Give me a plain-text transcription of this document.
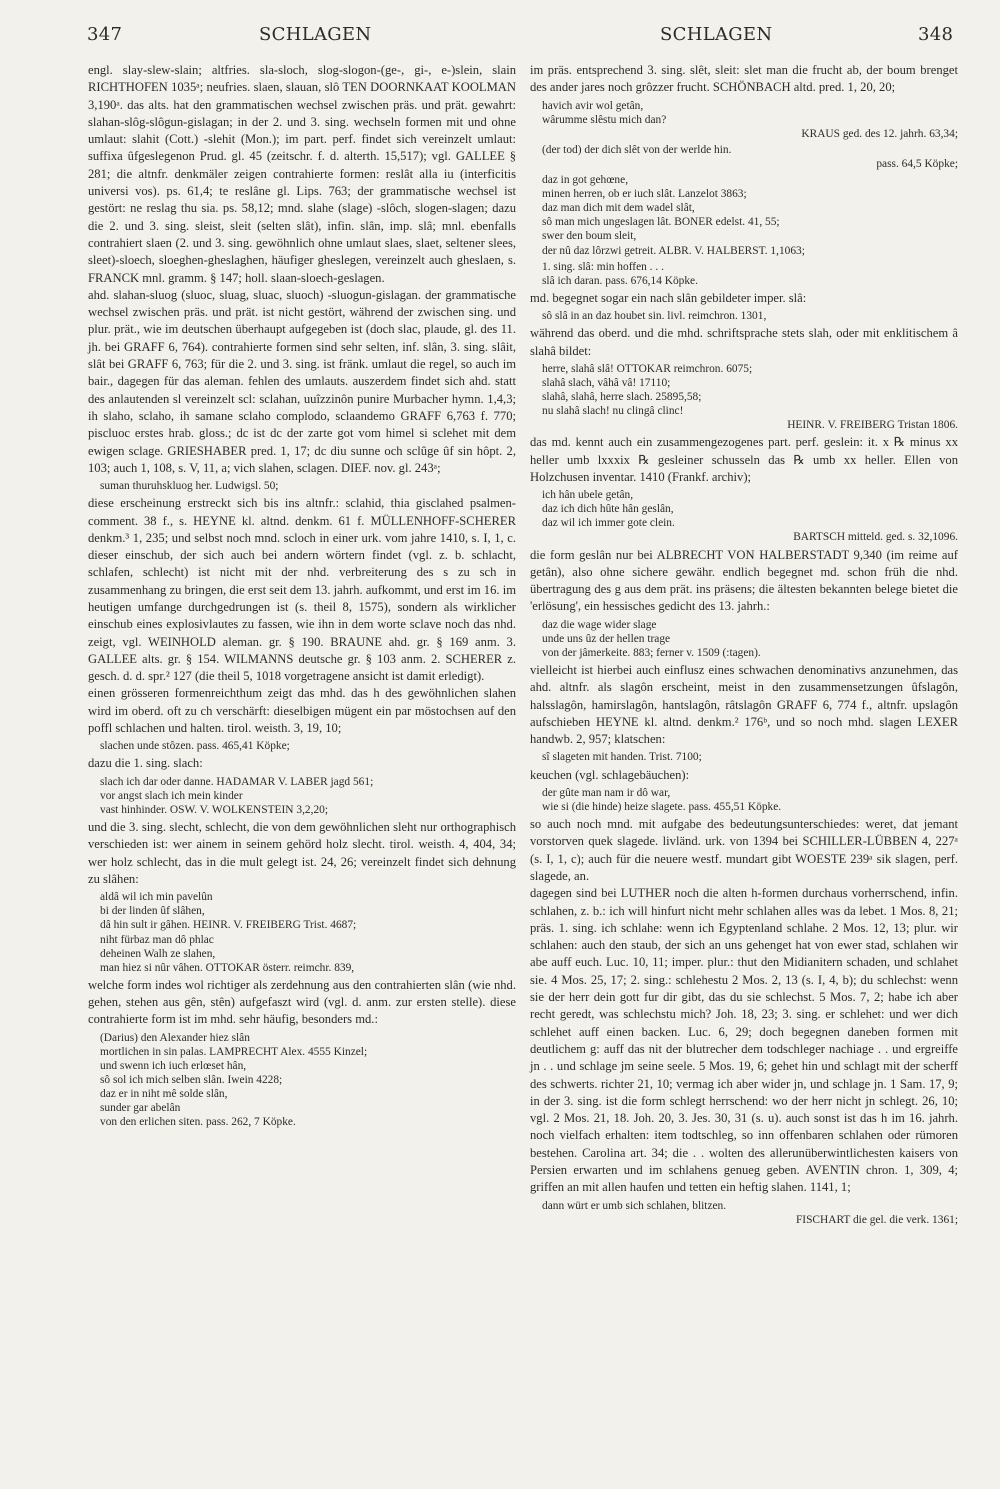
347	SCHLAGEN	SCHLAGEN	348

engl. slay-slew-slain; altfries. sla-sloch, slog-slogon-(ge-, gi-, e-)slein, slain RICHTHOFEN 1035ᵃ; neufries. slaen, slauan, slô TEN DOORNKAAT KOOLMAN 3,190ᵃ. das alts. hat den grammatischen wechsel zwischen präs. und prät. gewahrt: slahan-slôg-slôgun-gislagan; in der 2. und 3. sing. wechseln formen mit und ohne umlaut: slahit (Cott.) -slehit (Mon.); im part. perf. findet sich vereinzelt umlaut: suffixa ûfgeslegenon Prud. gl. 45 (zeitschr. f. d. alterth. 15,517); vgl. GALLEE § 281; die altnfr. denkmäler zeigen contrahierte formen: reslât alla iu (interficitis universi vos). ps. 61,4; te reslâne gl. Lips. 763; der grammatische wechsel ist gestört: ne reslag thu sia. ps. 58,12; mnd. slahe (slage) -slôch, slogen-slagen; dazu die 2. und 3. sing. sleist, sleit (selten slât), infin. slân, imp. slâ; mnl. ebenfalls contrahiert slaen (2. und 3. sing. gewöhnlich ohne umlaut slaes, slaet, seltener slees, sleet)-sloech, sloeghen-gheslaghen, häufiger gheslegen, vereinzelt auch gheslaen, s. FRANCK mnl. gramm. § 147; holl. slaan-sloech-geslagen.

ahd. slahan-sluog (sluoc, sluag, sluac, sluoch) -sluogun-gislagan. der grammatische wechsel zwischen präs. und prät. ist nicht gestört, während der zwischen sing. und plur. prät., wie im deutschen überhaupt aufgegeben ist (doch slac, plaude, gl. des 11. jh. bei GRAFF 6, 764). contrahierte formen sind sehr selten, inf. slân, 3. sing. slâit, slât bei GRAFF 6, 763; für die 2. und 3. sing. ist fränk. umlaut die regel, so auch im bair., dagegen für das aleman. fehlen des umlauts. auszerdem findet sich ahd. statt des anlautenden sl vereinzelt scl: sclahan, uuîzzinôn punire Murbacher hymn. 1,4,3; ih slaho, sclaho, ih samane sclaho complodo, sclaandemo GRAFF 6,763 f. 770; piscluoc erstes hrab. gloss.; dc ist dc der zarte got vom himel si sclehet mit dem ewigen sclage. GRIESHABER pred. 1, 17; dc diu sunne och sclûge ûf sin hôpt. 2, 103; auch 1, 108, s. V, 11, a; vich slahen, sclagen. DIEF. nov. gl. 243ᵃ;

suman thuruhskluog her. Ludwigsl. 50;

diese erscheinung erstreckt sich bis ins altnfr.: sclahid, thia gisclahed psalmen-comment. 38 f., s. HEYNE kl. altnd. denkm. 61 f. MÜLLENHOFF-SCHERER denkm.³ 1, 235; und selbst noch mnd. scloch in einer urk. vom jahre 1410, s. I, 1, c. dieser einschub, der sich auch bei andern wörtern findet (vgl. z. b. schlacht, schlafen, schlecht) ist nicht mit der nhd. verbreiterung des s zu sch in zusammenhang zu bringen, die erst seit dem 13. jahrh. aufkommt, und erst im 16. im heutigen umfange durchgedrungen ist (s. theil 8, 1575), sondern als wirklicher einschub eines explosivlautes zu fassen, wie ihn in dem worte sclave noch das nhd. zeigt, vgl. WEINHOLD aleman. gr. § 190. BRAUNE ahd. gr. § 169 anm. 3. GALLEE alts. gr. § 154. WILMANNS deutsche gr. § 103 anm. 2. SCHERER z. gesch. d. d. spr.² 127 (die theil 5, 1018 vorgetragene ansicht ist damit erledigt).

einen grösseren formenreichthum zeigt das mhd. das h des gewöhnlichen slahen wird im oberd. oft zu ch verschärft: dieselbigen mügent ein par möstochsen auf den poffl schlachen und halten. tirol. weisth. 3, 19, 10;

slachen unde stôzen. pass. 465,41 Köpke;

dazu die 1. sing. slach:

slach ich dar oder danne. HADAMAR V. LABER jagd 561;
vor angst slach ich mein kinder
vast hinhinder. OSW. V. WOLKENSTEIN 3,2,20;

und die 3. sing. slecht, schlecht, die von dem gewöhnlichen sleht nur orthographisch verschieden ist: wer ainem in seinem gehörd holz slecht. tirol. weisth. 4, 404, 34; wer holz schlecht, das in die mult gelegt ist. 24, 26; vereinzelt findet sich dehnung zu slâhen:

aldâ wil ich min pavelûn
bi der linden ûf slâhen,
dâ hin sult ir gâhen. HEINR. V. FREIBERG Trist. 4687;
niht fürbaz man dô phlac
deheinen Walh ze slahen,
man hiez si nûr vâhen. OTTOKAR österr. reimchr. 839,

welche form indes wol richtiger als zerdehnung aus den contrahierten slân (wie nhd. gehen, stehen aus gên, stên) aufgefaszt wird (vgl. d. anm. zur ersten stelle). diese contrahierte form ist im mhd. sehr häufig, besonders md.:

(Darius) den Alexander hiez slân
mortlichen in sin palas. LAMPRECHT Alex. 4555 Kinzel;
und swenn ich iuch erlœset hân,
sô sol ich mich selben slân. Iwein 4228;
daz er in niht mê solde slân,
sunder gar abelân
von den erlichen siten. pass. 262, 7 Köpke.

im präs. entsprechend 3. sing. slêt, sleit: slet man die frucht ab, der boum brenget des ander jares noch grôzzer frucht. SCHÖNBACH altd. pred. 1, 20, 20;

havich avir wol getân,
wârumme slêstu mich dan?
KRAUS ged. des 12. jahrh. 63,34;
(der tod) der dich slêt von der werlde hin.
pass. 64,5 Köpke;
daz in got gehœne,
minen herren, ob er iuch slât. Lanzelot 3863;
daz man dich mit dem wadel slât,
sô man mich ungeslagen lât. BONER edelst. 41, 55;
swer den boum sleit,
der nû daz lôrzwi getreit. ALBR. V. HALBERST. 1,1063;
1. sing. slâ: min hoffen . . .
slâ ich daran. pass. 676,14 Köpke.

md. begegnet sogar ein nach slân gebildeter imper. slâ:

sô slâ in an daz houbet sin. livl. reimchron. 1301,

während das oberd. und die mhd. schriftsprache stets slah, oder mit enklitischem â slahâ bildet:

herre, slahâ slâ! OTTOKAR reimchron. 6075;
slahâ slach, vâhâ vâ! 17110;
slahâ, slahâ, herre slach. 25895,58;
nu slahâ slach! nu clingâ clinc!
HEINR. V. FREIBERG Tristan 1806.

das md. kennt auch ein zusammengezogenes part. perf. geslein: it. x ℞ minus xx heller umb lxxxix ℞ gesleiner schusseln das ℞ umb xx heller. Ellen von Holzchusen inventar. 1410 (Frankf. archiv);

ich hân ubele getân,
daz ich dich hûte hân geslân,
daz wil ich immer gote clein.
BARTSCH mitteld. ged. s. 32,1096.

die form geslân nur bei ALBRECHT VON HALBERSTADT 9,340 (im reime auf getân), also ohne sichere gewähr. endlich begegnet md. schon früh die nhd. übertragung des g aus dem prät. ins präsens; die ältesten bekannten belege bietet die 'erlösung', ein hessisches gedicht des 13. jahrh.:

daz die wage wider slage
unde uns ûz der hellen trage
von der jâmerkeite. 883; ferner v. 1509 (:tagen).

vielleicht ist hierbei auch einflusz eines schwachen denominativs anzunehmen, das ahd. altnfr. als slagôn erscheint, meist in den zusammensetzungen ûfslagôn, halsslagôn, hamirslagôn, hantslagôn, râtslagôn GRAFF 6, 774 f., altnfr. upslagôn aufschieben HEYNE kl. altnd. denkm.² 176ᵇ, und so noch mhd. slagen LEXER handwb. 2, 957; klatschen:

sî slageten mit handen. Trist. 7100;

keuchen (vgl. schlagebäuchen):

der gûte man nam ir dô war,
wie si (die hinde) heize slagete. pass. 455,51 Köpke.

so auch noch mnd. mit aufgabe des bedeutungsunterschiedes: weret, dat jemant vorstorven quek slagede. livländ. urk. von 1394 bei SCHILLER-LÜBBEN 4, 227ᵃ (s. I, 1, c); auch für die neuere westf. mundart gibt WOESTE 239ᵃ sik slagen, perf. slagede, an.

dagegen sind bei LUTHER noch die alten h-formen durchaus vorherrschend, infin. schlahen, z. b.: ich will hinfurt nicht mehr schlahen alles was da lebet. 1 Mos. 8, 21; präs. 1. sing. ich schlahe: wenn ich Egyptenland schlahe. 2 Mos. 12, 13; plur. wir schlahen: auch den staub, der sich an uns gehenget hat von ewer stad, schlahen wir abe auff euch. Luc. 10, 11; imper. plur.: thut den Midianitern schaden, und schlahet sie. 4 Mos. 25, 17; 2. sing.: schlehestu 2 Mos. 2, 13 (s. I, 4, b); du schlechst: wenn sie der herr dein gott fur dir gibt, das du sie schlechst. 5 Mos. 7, 2; habe ich aber recht geredt, was schlechstu mich? Joh. 18, 23; 3. sing. er schlehet: und wer dich schlehet auff einen backen. Luc. 6, 29; doch begegnen daneben formen mit deutlichem g: auff das nit der blutrecher dem todschleger nachiage . . und ergreiffe jn . . und schlage jm seine seele. 5 Mos. 19, 6; gehet hin und schlagt mit der scherff des schwerts. richter 21, 10; vermag ich aber wider jn, und schlage jn. 1 Sam. 17, 9; in der 3. sing. ist die form schlegt herrschend: wo der herr nicht jn schlegt. 26, 10; vgl. 2 Mos. 21, 18. Joh. 20, 3. Jes. 30, 31 (s. u). auch sonst ist das h im 16. jahrh. noch vielfach erhalten: item todtschleg, so inn offenbaren schlahen oder rümoren bestehen. Carolina art. 34; die . . wolten des allerunüberwintlichesten kaisers von Persien erwarten und im schlahens genueg geben. AVENTIN chron. 1, 309, 4; griffen an mit allen haufen und tetten ein heftig slahen. 1141, 1;

dann würt er umb sich schlahen, blitzen.
FISCHART die gel. die verk. 1361;
